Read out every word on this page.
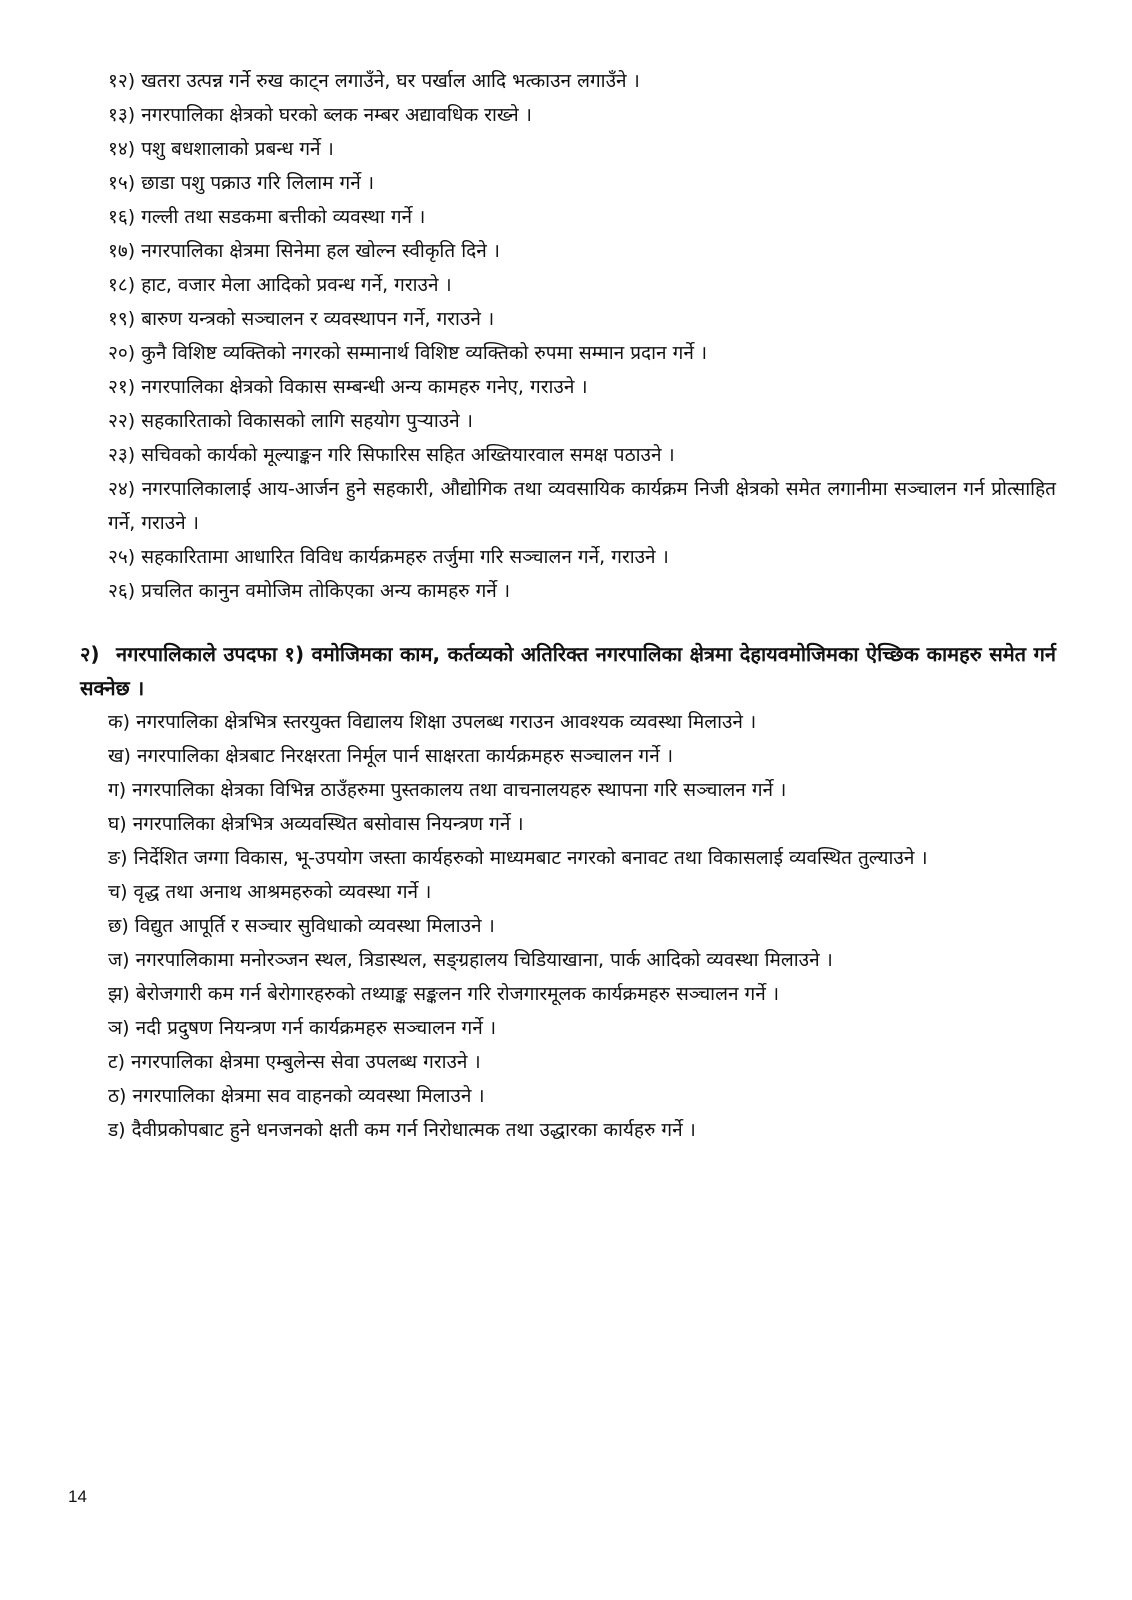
१२) खतरा उत्पन्न गर्ने रुख काट्न लगाउँने, घर पर्खाल आदि भत्काउन लगाउँने ।
१३) नगरपालिका क्षेत्रको घरको ब्लक नम्बर अद्यावधिक राख्ने ।
१४) पशु बधशालाको प्रबन्ध गर्ने ।
१५) छाडा पशु पक्राउ गरि लिलाम गर्ने ।
१६) गल्ली तथा सडकमा बत्तीको व्यवस्था गर्ने ।
१७) नगरपालिका क्षेत्रमा सिनेमा हल खोल्न स्वीकृति दिने ।
१८) हाट, वजार मेला आदिको प्रवन्ध गर्ने, गराउने ।
१९) बारुण यन्त्रको सञ्चालन र व्यवस्थापन गर्ने, गराउने ।
२०) कुनै विशिष्ट व्यक्तिको नगरको सम्मानार्थ विशिष्ट व्यक्तिको रुपमा सम्मान प्रदान गर्ने ।
२१) नगरपालिका क्षेत्रको विकास सम्बन्धी अन्य कामहरु गनेए, गराउने ।
२२) सहकारिताको विकासको लागि सहयोग पुर्‍याउने ।
२३) सचिवको कार्यको मूल्याङ्कन गरि सिफारिस सहित अख्तियारवाल समक्ष पठाउने ।
२४) नगरपालिकालाई आय-आर्जन हुने सहकारी, औद्योगिक तथा व्यवसायिक कार्यक्रम निजी क्षेत्रको समेत लगानीमा सञ्चालन गर्न प्रोत्साहित गर्ने, गराउने ।
२५) सहकारितामा आधारित विविध कार्यक्रमहरु तर्जुमा गरि सञ्चालन गर्ने, गराउने ।
२६) प्रचलित कानुन वमोजिम तोकिएका अन्य कामहरु गर्ने ।
२) नगरपालिकाले उपदफा १) वमोजिमका काम, कर्तव्यको अतिरिक्त नगरपालिका क्षेत्रमा देहायवमोजिमका ऐच्छिक कामहरु समेत गर्न सक्नेछ ।
क) नगरपालिका क्षेत्रभित्र स्तरयुक्त विद्यालय शिक्षा उपलब्ध गराउन आवश्यक व्यवस्था मिलाउने ।
ख) नगरपालिका क्षेत्रबाट निरक्षरता निर्मूल पार्न साक्षरता कार्यक्रमहरु सञ्चालन गर्ने ।
ग) नगरपालिका क्षेत्रका विभिन्न ठाउँहरुमा पुस्तकालय तथा वाचनालयहरु स्थापना गरि सञ्चालन गर्ने ।
घ) नगरपालिका क्षेत्रभित्र अव्यवस्थित बसोवास नियन्त्रण गर्ने ।
ङ) निर्देशित जग्गा विकास, भू-उपयोग जस्ता कार्यहरुको माध्यमबाट नगरको बनावट तथा विकासलाई व्यवस्थित तुल्याउने ।
च) वृद्ध तथा अनाथ आश्रमहरुको व्यवस्था गर्ने ।
छ) विद्युत आपूर्ति र सञ्चार सुविधाको व्यवस्था मिलाउने ।
ज) नगरपालिकामा मनोरञ्जन स्थल, त्रिडास्थल, सङ्ग्रहालय चिडियाखाना, पार्क आदिको व्यवस्था मिलाउने ।
झ) बेरोजगारी कम गर्न बेरोगारहरुको तथ्याङ्क सङ्कलन गरि रोजगारमूलक कार्यक्रमहरु सञ्चालन गर्ने ।
ञ) नदी प्रदुषण नियन्त्रण गर्न कार्यक्रमहरु सञ्चालन गर्ने ।
ट) नगरपालिका क्षेत्रमा एम्बुलेन्स सेवा उपलब्ध गराउने ।
ठ) नगरपालिका क्षेत्रमा सव वाहनको व्यवस्था मिलाउने ।
ड) दैवीप्रकोपबाट हुने धनजनको क्षती कम गर्न निरोधात्मक तथा उद्धारका कार्यहरु गर्ने ।
14
